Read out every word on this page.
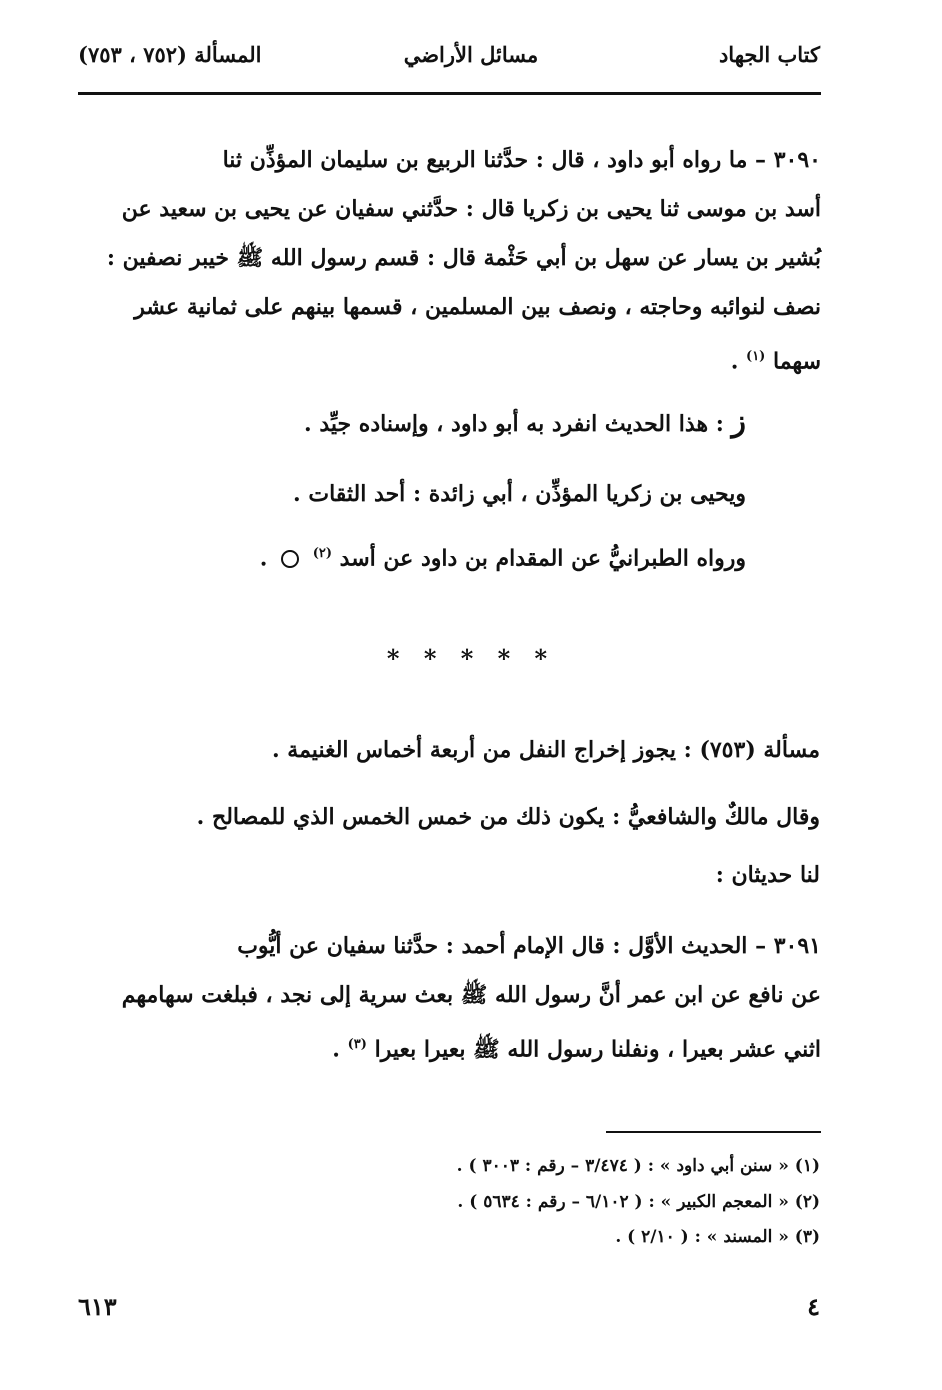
كتاب الجهاد
مسائل الأراضي
المسألة (٧٥٢ ، ٧٥٣)
٣٠٩٠ – ما رواه أبو داود ، قال : حدَّثنا الربيع بن سليمان المؤذِّن ثنا
أسد بن موسى ثنا يحيى بن زكريا قال : حدَّثني سفيان عن يحيى بن سعيد عن
بُشير بن يسار عن سهل بن أبي حَثْمة قال : قسم رسول الله ﷺ خيبر نصفين :
نصف لنوائبه وحاجته ، ونصف بين المسلمين ، قسمها بينهم على ثمانية عشر
سهما $^{(١)}$ .
ز : هذا الحديث انفرد به أبو داود ، وإسناده جيِّد .
ويحيى بن زكريا المؤذِّن ، أبي زائدة : أحد الثقات .
ورواه الطبرانيُّ عن المقدام بن داود عن أسد $^{(٢)}$  .
* * * * *
مسألة (٧٥٣) : يجوز إخراج النفل من أربعة أخماس الغنيمة .
وقال مالكٌ والشافعيُّ : يكون ذلك من خمس الخمس الذي للمصالح .
لنا حديثان :
٣٠٩١ – الحديث الأوَّل : قال الإمام أحمد : حدَّثنا سفيان عن أيُّوب
عن نافع عن ابن عمر أنَّ رسول الله ﷺ بعث سرية إلى نجد ، فبلغت سهامهم
اثني عشر بعيرا ، ونفلنا رسول الله ﷺ بعيرا بعيرا $^{(٣)}$ .
(١) « سنن أبي داود » : ( ٣/٤٧٤ – رقم : ٣٠٠٣ ) .
(٢) « المعجم الكبير » : ( ٦/١٠٢ – رقم : ٥٦٣٤ ) .
(٣) « المسند » : ( ٢/١٠ ) .
٤
٦١٣
